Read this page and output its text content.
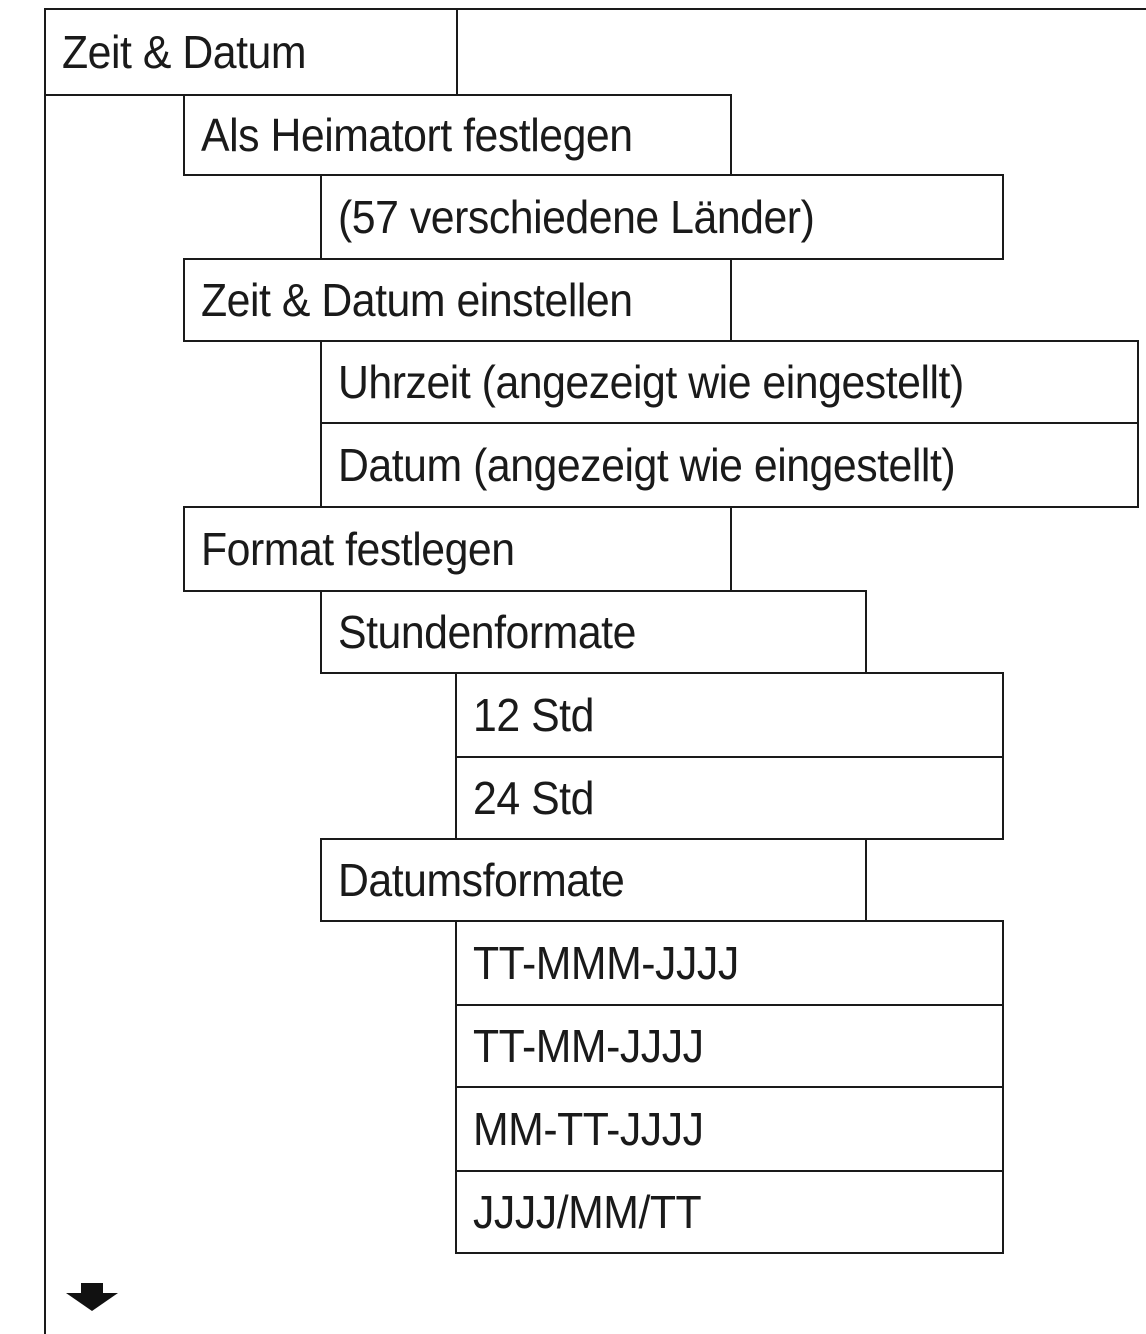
Zeit & Datum
Als Heimatort festlegen
(57 verschiedene Länder)
Zeit & Datum einstellen
Uhrzeit (angezeigt wie eingestellt)
Datum (angezeigt wie eingestellt)
Format festlegen
Stundenformate
12 Std
24 Std
Datumsformate
TT-MMM-JJJJ
TT-MM-JJJJ
MM-TT-JJJJ
JJJJ/MM/TT
